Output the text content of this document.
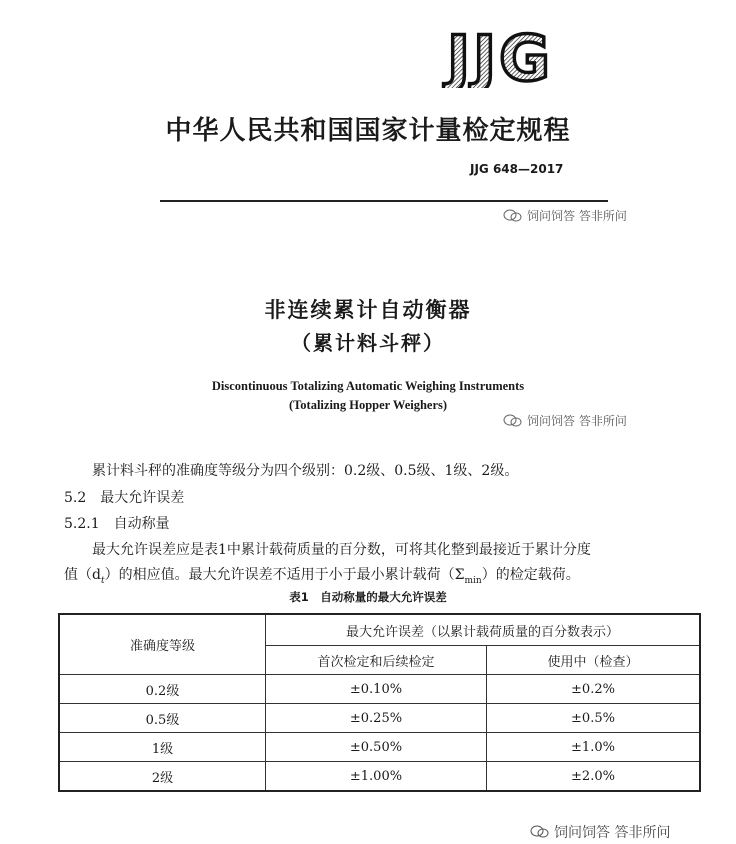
JJG
中华人民共和国国家计量检定规程
JJG 648—2017
饲问饲答 答非所问
非连续累计自动衡器
（累计料斗秤）
Discontinuous Totalizing Automatic Weighing Instruments
(Totalizing Hopper Weighers)
饲问饲答 答非所问
累计料斗秤的准确度等级分为四个级别：0.2级、0.5级、1级、2级。
5.2　最大允许误差
5.2.1　自动称量
最大允许误差应是表1中累计载荷质量的百分数，可将其化整到最接近于累计分度
值$(d_t)$的相应值。最大允许误差不适用于小于最小累计载荷$(\Sigma_{min})$的检定载荷。
表1　自动称量的最大允许误差
准确度等级	最大允许误差（以累计载荷质量的百分数表示）	
	首次检定和后续检定	使用中（检查）
0.2级	±0.10%	±0.2%
0.5级	±0.25%	±0.5%
1级	±0.50%	±1.0%
2级	±1.00%	±2.0%
饲问饲答 答非所问
